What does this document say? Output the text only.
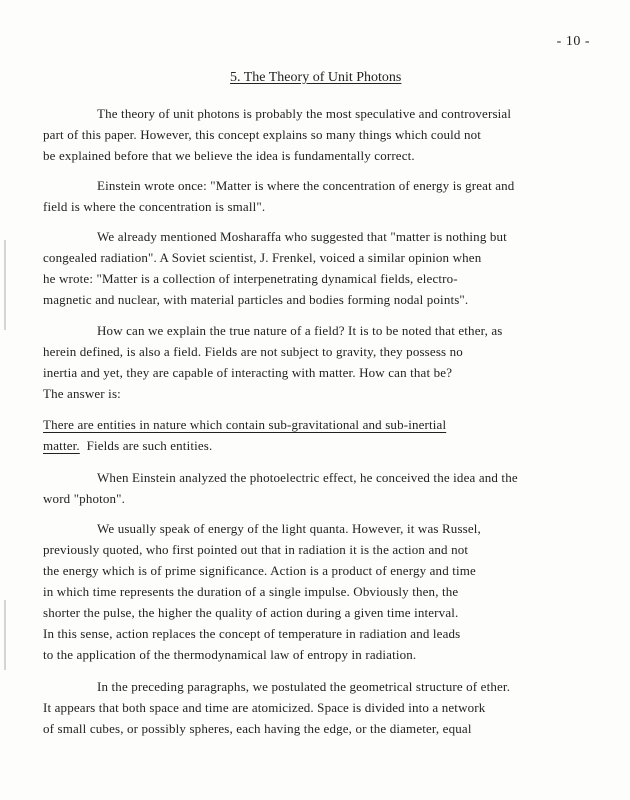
- 10 -
5. The Theory of Unit Photons
The theory of unit photons is probably the most speculative and controversial
part of this paper. However, this concept explains so many things which could not
be explained before that we believe the idea is fundamentally correct.
Einstein wrote once: "Matter is where the concentration of energy is great and
field is where the concentration is small".
We already mentioned Mosharaffa who suggested that "matter is nothing but
congealed radiation". A Soviet scientist, J. Frenkel, voiced a similar opinion when
he wrote: "Matter is a collection of interpenetrating dynamical fields, electro-
magnetic and nuclear, with material particles and bodies forming nodal points".
How can we explain the true nature of a field? It is to be noted that ether, as
herein defined, is also a field. Fields are not subject to gravity, they possess no
inertia and yet, they are capable of interacting with matter. How can that be?
The answer is:
There are entities in nature which contain sub-gravitational and sub-inertial
matter. Fields are such entities.
When Einstein analyzed the photoelectric effect, he conceived the idea and the
word "photon".
We usually speak of energy of the light quanta. However, it was Russel,
previously quoted, who first pointed out that in radiation it is the action and not
the energy which is of prime significance. Action is a product of energy and time
in which time represents the duration of a single impulse. Obviously then, the
shorter the pulse, the higher the quality of action during a given time interval.
In this sense, action replaces the concept of temperature in radiation and leads
to the application of the thermodynamical law of entropy in radiation.
In the preceding paragraphs, we postulated the geometrical structure of ether.
It appears that both space and time are atomicized. Space is divided into a network
of small cubes, or possibly spheres, each having the edge, or the diameter, equal
